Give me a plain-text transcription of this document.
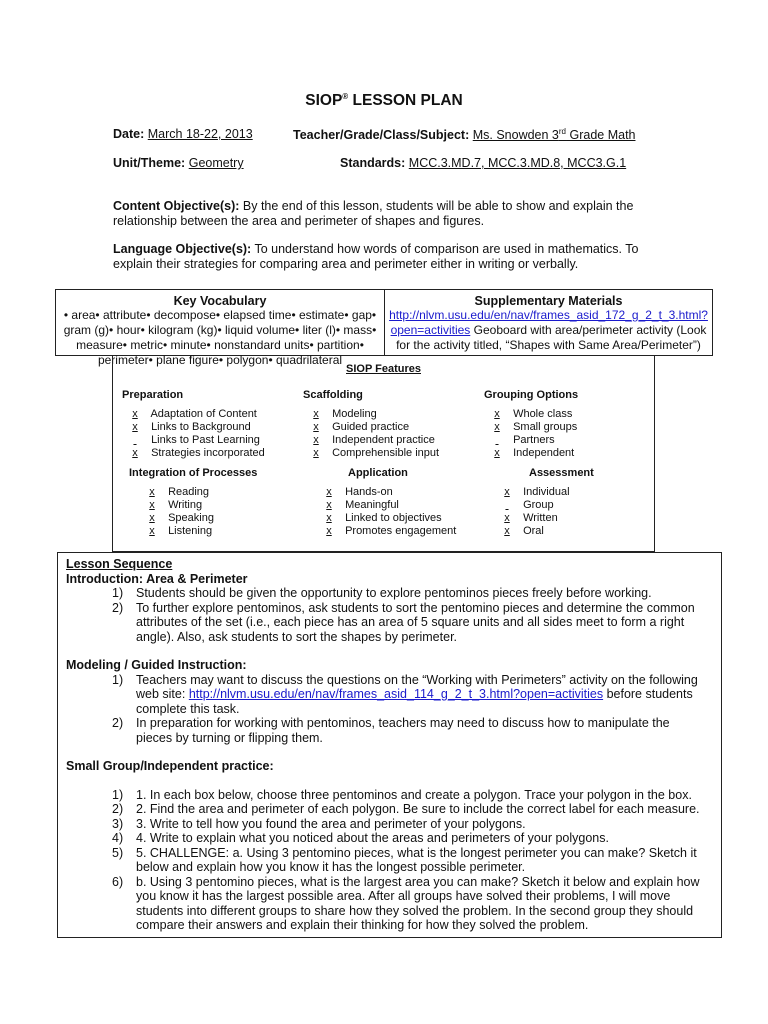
SIOP® LESSON PLAN
Date: March 18-22, 2013	Teacher/Grade/Class/Subject: Ms. Snowden 3rd Grade Math
Unit/Theme: Geometry	Standards: MCC.3.MD.7, MCC.3.MD.8, MCC3.G.1
Content Objective(s): By the end of this lesson, students will be able to show and explain the relationship between the area and perimeter of shapes and figures.
Language Objective(s): To understand how words of comparison are used in mathematics. To explain their strategies for comparing area and perimeter either in writing or verbally.
Key Vocabulary
• area• attribute• decompose• elapsed time• estimate• gap• gram (g)• hour• kilogram (kg)• liquid volume• liter (l)• mass• measure• metric• minute• nonstandard units• partition• perimeter• plane figure• polygon• quadrilateral
Supplementary Materials
http://nlvm.usu.edu/en/nav/frames_asid_172_g_2_t_3.html?open=activities Geoboard with area/perimeter activity (Look for the activity titled, “Shapes with Same Area/Perimeter”)
SIOP Features
Preparation
x Adaptation of Content
x Links to Background
Links to Past Learning
x Strategies incorporated
Scaffolding
x Modeling
x Guided practice
x Independent practice
x Comprehensible input
Grouping Options
x Whole class
x Small groups
Partners
x Independent
Integration of Processes
x Reading
x Writing
x Speaking
x Listening
Application
x Hands-on
x Meaningful
x Linked to objectives
x Promotes engagement
Assessment
x Individual
Group
x Written
x Oral
Lesson Sequence
Introduction: Area & Perimeter
1) Students should be given the opportunity to explore pentominos pieces freely before working.
2) To further explore pentominos, ask students to sort the pentomino pieces and determine the common attributes of the set (i.e., each piece has an area of 5 square units and all sides meet to form a right angle). Also, ask students to sort the shapes by perimeter.
Modeling / Guided Instruction:
1) Teachers may want to discuss the questions on the “Working with Perimeters” activity on the following web site: http://nlvm.usu.edu/en/nav/frames_asid_114_g_2_t_3.html?open=activities before students complete this task.
2) In preparation for working with pentominos, teachers may need to discuss how to manipulate the pieces by turning or flipping them.
Small Group/Independent practice:
1) 1. In each box below, choose three pentominos and create a polygon. Trace your polygon in the box.
2) 2. Find the area and perimeter of each polygon. Be sure to include the correct label for each measure.
3) 3. Write to tell how you found the area and perimeter of your polygons.
4) 4. Write to explain what you noticed about the areas and perimeters of your polygons.
5) 5. CHALLENGE: a. Using 3 pentomino pieces, what is the longest perimeter you can make? Sketch it below and explain how you know it has the longest possible perimeter.
6) b. Using 3 pentomino pieces, what is the largest area you can make? Sketch it below and explain how you know it has the largest possible area. After all groups have solved their problems, I will move students into different groups to share how they solved the problem. In the second group they should compare their answers and explain their thinking for how they solved the problem.
